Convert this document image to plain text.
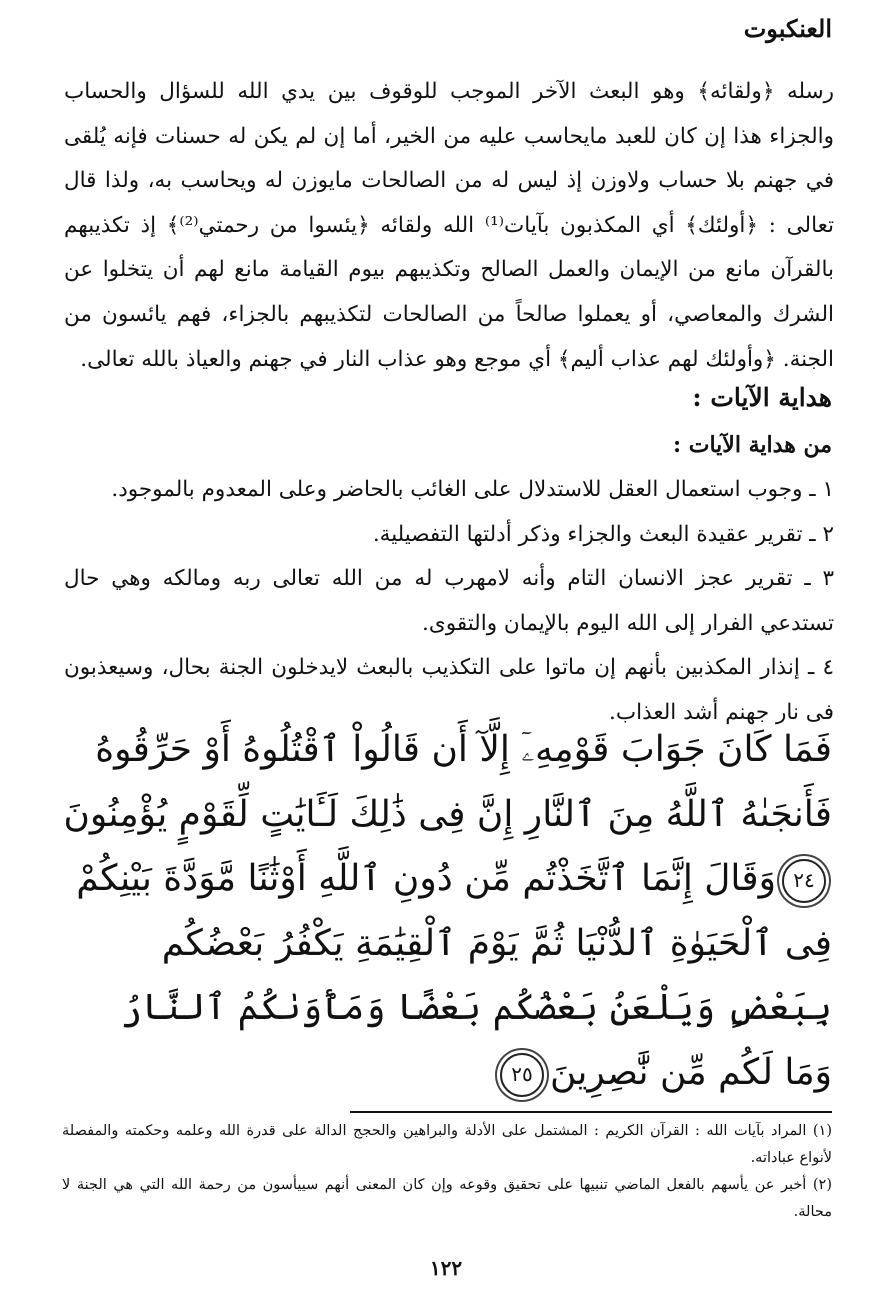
العنكبوت

رسله ﴿ولقائه﴾ وهو البعث الآخر الموجب للوقوف بين يدي الله للسؤال والحساب والجزاء هذا إن كان للعبد مايحاسب عليه من الخير، أما إن لم يكن له حسنات فإنه يُلقى في جهنم بلا حساب ولاوزن إذ ليس له من الصالحات مايوزن له ويحاسب به، ولذا قال تعالى : ﴿أولئك﴾ أي المكذبون بآيات⁽¹⁾ الله ولقائه ﴿يئسوا من رحمتي⁽²⁾﴾ إذ تكذيبهم بالقرآن مانع من الإيمان والعمل الصالح وتكذيبهم بيوم القيامة مانع لهم أن يتخلوا عن الشرك والمعاصي، أو يعملوا صالحاً من الصالحات لتكذيبهم بالجزاء، فهم يائسون من الجنة. ﴿وأولئك لهم عذاب أليم﴾ أي موجع وهو عذاب النار في جهنم والعياذ بالله تعالى.

هداية الآيات :
من هداية الآيات :

١ ـ وجوب استعمال العقل للاستدلال على الغائب بالحاضر وعلى المعدوم بالموجود.

٢ ـ تقرير عقيدة البعث والجزاء وذكر أدلتها التفصيلية.

٣ ـ تقرير عجز الانسان التام وأنه لامهرب له من الله تعالى ربه ومالكه وهي حال تستدعي الفرار إلى الله اليوم بالإيمان والتقوى.

٤ ـ إنذار المكذبين بأنهم إن ماتوا على التكذيب بالبعث لايدخلون الجنة بحال، وسيعذبون فى نار جهنم أشد العذاب.

فَمَا كَانَ جَوَابَ قَوْمِهِۦٓ إِلَّآ أَن قَالُواْ ٱقْتُلُوهُ أَوْ حَرِّقُوهُ
فَأَنجَىٰهُ ٱللَّهُ مِنَ ٱلنَّارِ إِنَّ فِى ذَٰلِكَ لَـَٔايَٰتٍ لِّقَوْمٍ يُؤْمِنُونَ
٢٤وَقَالَ إِنَّمَا ٱتَّخَذْتُم مِّن دُونِ ٱللَّهِ أَوْثَٰنًا مَّوَدَّةَ بَيْنِكُمْ
فِى ٱلْحَيَوٰةِ ٱلدُّنْيَا ثُمَّ يَوْمَ ٱلْقِيَٰمَةِ يَكْفُرُ بَعْضُكُم
بِبَعْضٍ وَيَلْعَنُ بَعْضُكُم بَعْضًا وَمَأْوَىٰكُمُ ٱلنَّارُ
وَمَا لَكُم مِّن نَّٰصِرِينَ٢٥

(١) المراد بآيات الله : القرآن الكريم : المشتمل على الأدلة والبراهين والحجج الدالة على قدرة الله وعلمه وحكمته والمفصلة لأنواع عباداته.

(٢) أخبر عن يأسهم بالفعل الماضي تنبيها على تحقيق وقوعه وإن كان المعنى أنهم سييأسون من رحمة الله التي هي الجنة لا محالة.

١٢٢
